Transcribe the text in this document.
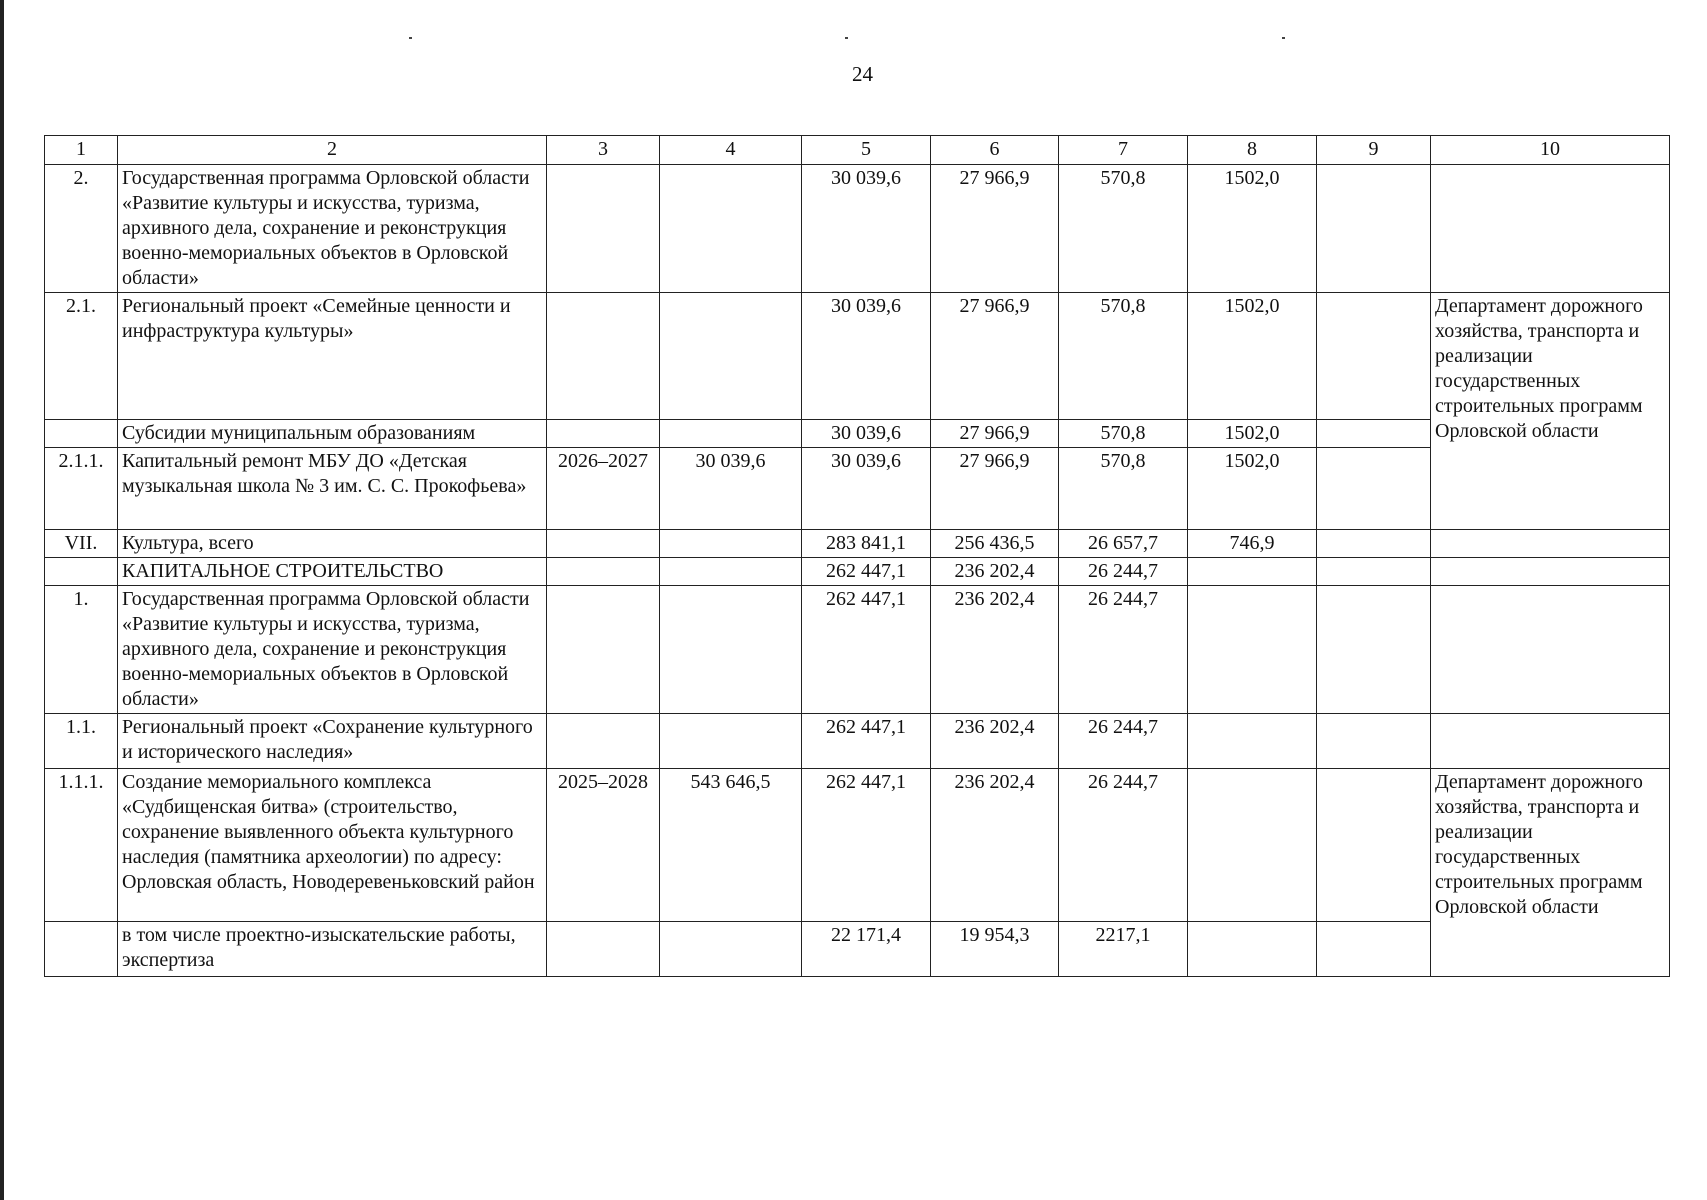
24
1	2	3	4	5	6	7	8	9	10
2.	Государственная программа Орловской области «Развитие культуры и искусства, туризма, архивного дела, сохранение и реконструкция военно-мемориальных объектов в Орловской области»			30 039,6	27 966,9	570,8	1502,0		
2.1.	Региональный проект «Семейные ценности и инфраструктура культуры»			30 039,6	27 966,9	570,8	1502,0		Департамент дорожного хозяйства, транспорта и реализации государственных строительных программ Орловской области
	Субсидии муниципальным образованиям			30 039,6	27 966,9	570,8	1502,0		
2.1.1.	Капитальный ремонт МБУ ДО «Детская музыкальная школа № 3 им. С. С. Прокофьева»	2026–2027	30 039,6	30 039,6	27 966,9	570,8	1502,0		
VII.	Культура, всего			283 841,1	256 436,5	26 657,7	746,9		
	КАПИТАЛЬНОЕ СТРОИТЕЛЬСТВО			262 447,1	236 202,4	26 244,7			
1.	Государственная программа Орловской области «Развитие культуры и искусства, туризма, архивного дела, сохранение и реконструкция военно-мемориальных объектов в Орловской области»			262 447,1	236 202,4	26 244,7			
1.1.	Региональный проект «Сохранение культурного и исторического наследия»			262 447,1	236 202,4	26 244,7			
1.1.1.	Создание мемориального комплекса «Судбищенская битва» (строительство, сохранение выявленного объекта культурного наследия (памятника археологии) по адресу: Орловская область, Новодеревеньковский район	2025–2028	543 646,5	262 447,1	236 202,4	26 244,7			Департамент дорожного хозяйства, транспорта и реализации государственных строительных программ Орловской области
	в том числе проектно-изыскательские работы, экспертиза			22 171,4	19 954,3	2217,1			
